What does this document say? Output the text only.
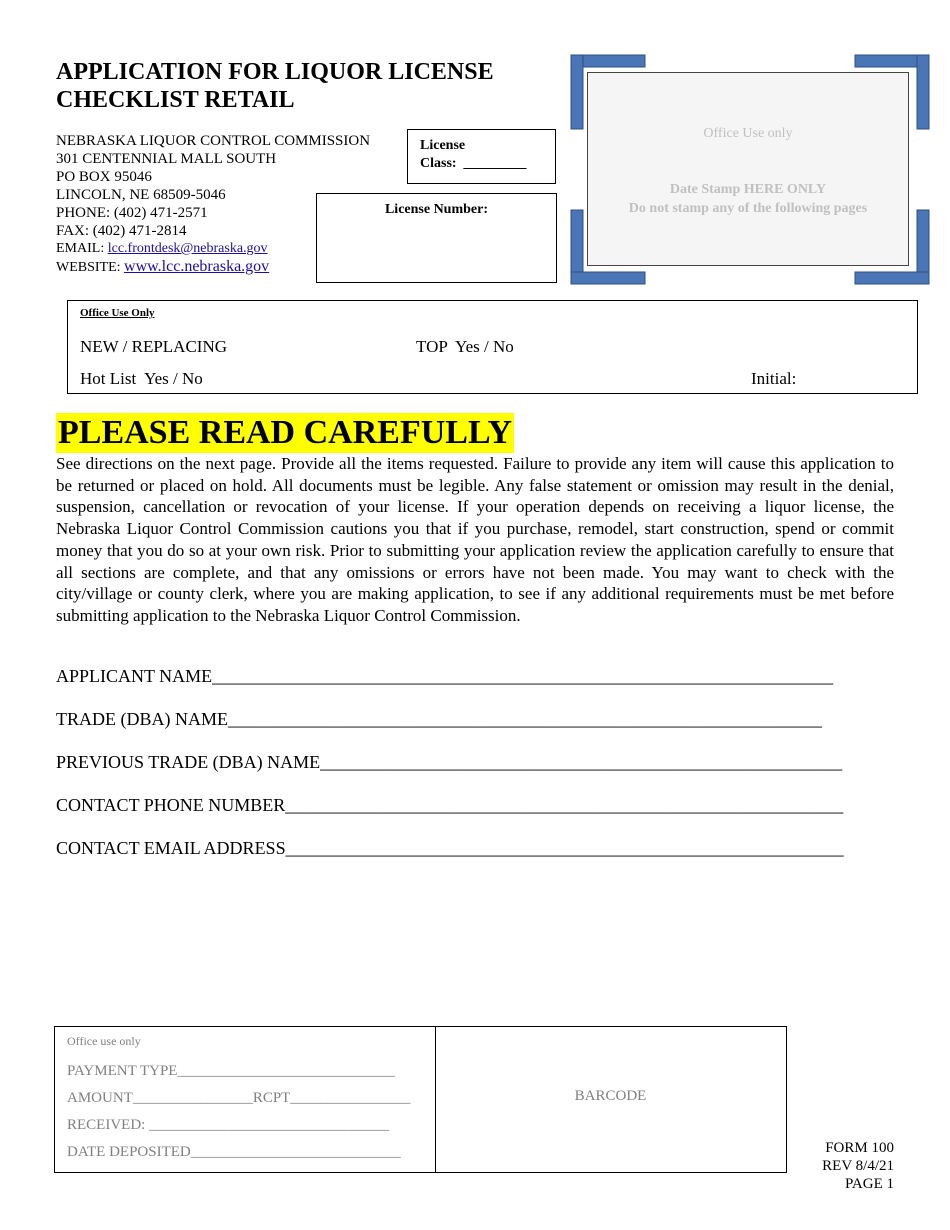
APPLICATION FOR LIQUOR LICENSE
CHECKLIST RETAIL
NEBRASKA LIQUOR CONTROL COMMISSION
301 CENTENNIAL MALL SOUTH
PO BOX 95046
LINCOLN, NE 68509-5046
PHONE: (402) 471-2571
FAX: (402) 471-2814
EMAIL: lcc.frontdesk@nebraska.gov
WEBSITE: www.lcc.nebraska.gov
License
Class:  _________
License Number:
Office Use only
Date Stamp HERE ONLY
Do not stamp any of the following pages
Office Use Only
NEW / REPLACING	TOP  Yes / No
Hot List  Yes / No	Initial:
PLEASE READ CAREFULLY
See directions on the next page. Provide all the items requested. Failure to provide any item will cause this application to be returned or placed on hold. All documents must be legible. Any false statement or omission may result in the denial, suspension, cancellation or revocation of your license. If your operation depends on receiving a liquor license, the Nebraska Liquor Control Commission cautions you that if you purchase, remodel, start construction, spend or commit money that you do so at your own risk. Prior to submitting your application review the application carefully to ensure that all sections are complete, and that any omissions or errors have not been made. You may want to check with the city/village or county clerk, where you are making application, to see if any additional requirements must be met before submitting application to the Nebraska Liquor Control Commission.
APPLICANT NAME_____________________________________________________________________
TRADE (DBA) NAME__________________________________________________________________
PREVIOUS TRADE (DBA) NAME__________________________________________________________
CONTACT PHONE NUMBER______________________________________________________________
CONTACT EMAIL ADDRESS______________________________________________________________
Office use only
PAYMENT TYPE_____________________________
AMOUNT________________RCPT________________
RECEIVED: ________________________________
DATE DEPOSITED____________________________
BARCODE
FORM 100
REV 8/4/21
PAGE 1
